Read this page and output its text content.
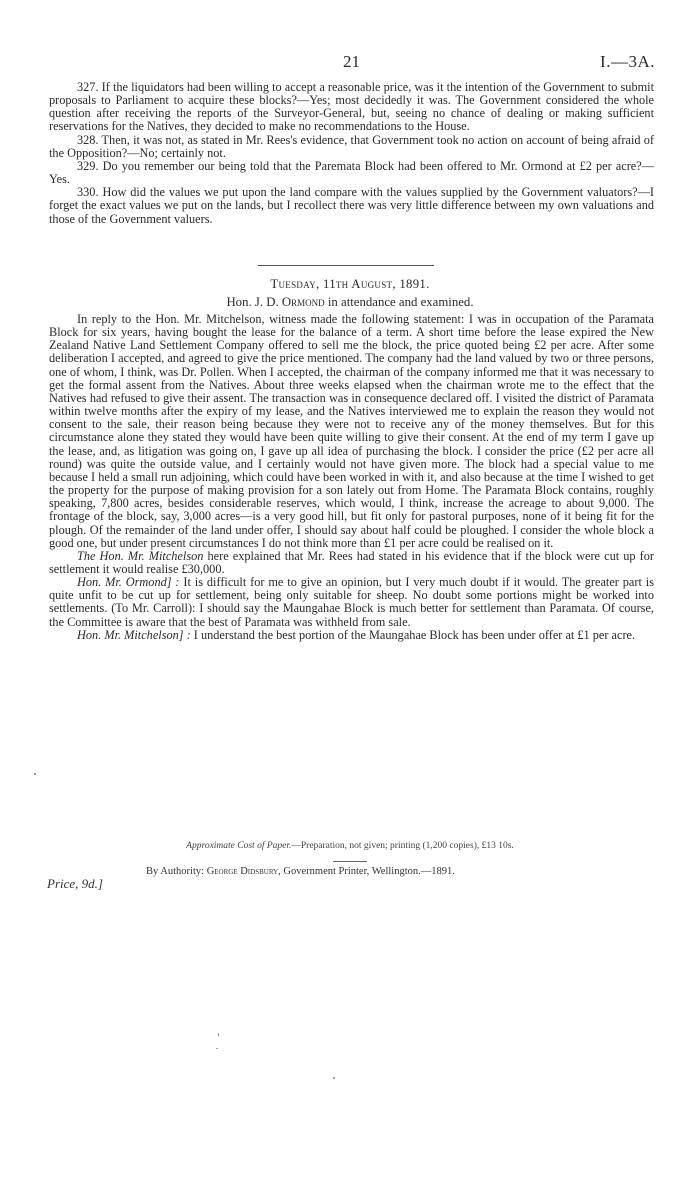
21	I.—3A.

327. If the liquidators had been willing to accept a reasonable price, was it the intention of the Government to submit proposals to Parliament to acquire these blocks?—Yes; most decidedly it was. The Government considered the whole question after receiving the reports of the Surveyor-General, but, seeing no chance of dealing or making sufficient reservations for the Natives, they decided to make no recommendations to the House.

328. Then, it was not, as stated in Mr. Rees's evidence, that Government took no action on account of being afraid of the Opposition?—No; certainly not.

329. Do you remember our being told that the Paremata Block had been offered to Mr. Ormond at £2 per acre?—Yes.

330. How did the values we put upon the land compare with the values supplied by the Government valuators?—I forget the exact values we put on the lands, but I recollect there was very little difference between my own valuations and those of the Government valuers.

Tuesday, 11th August, 1891.
Hon. J. D. Ormond in attendance and examined.

In reply to the Hon. Mr. Mitchelson, witness made the following statement: I was in occupation of the Paramata Block for six years, having bought the lease for the balance of a term. A short time before the lease expired the New Zealand Native Land Settlement Company offered to sell me the block, the price quoted being £2 per acre. After some deliberation I accepted, and agreed to give the price mentioned. The company had the land valued by two or three persons, one of whom, I think, was Dr. Pollen. When I accepted, the chairman of the company informed me that it was necessary to get the formal assent from the Natives. About three weeks elapsed when the chairman wrote me to the effect that the Natives had refused to give their assent. The transaction was in consequence declared off. I visited the district of Paramata within twelve months after the expiry of my lease, and the Natives interviewed me to explain the reason they would not consent to the sale, their reason being because they were not to receive any of the money themselves. But for this circumstance alone they stated they would have been quite willing to give their consent. At the end of my term I gave up the lease, and, as litigation was going on, I gave up all idea of purchasing the block. I consider the price (£2 per acre all round) was quite the outside value, and I certainly would not have given more. The block had a special value to me because I held a small run adjoining, which could have been worked in with it, and also because at the time I wished to get the property for the purpose of making provision for a son lately out from Home. The Paramata Block contains, roughly speaking, 7,800 acres, besides considerable reserves, which would, I think, increase the acreage to about 9,000. The frontage of the block, say, 3,000 acres—is a very good hill, but fit only for pastoral purposes, none of it being fit for the plough. Of the remainder of the land under offer, I should say about half could be ploughed. I consider the whole block a good one, but under present circumstances I do not think more than £1 per acre could be realised on it.

The Hon. Mr. Mitchelson here explained that Mr. Rees had stated in his evidence that if the block were cut up for settlement it would realise £30,000.

Hon. Mr. Ormond] : It is difficult for me to give an opinion, but I very much doubt if it would. The greater part is quite unfit to be cut up for settlement, being only suitable for sheep. No doubt some portions might be worked into settlements. (To Mr. Carroll): I should say the Maungahae Block is much better for settlement than Paramata. Of course, the Committee is aware that the best of Paramata was withheld from sale.

Hon. Mr. Mitchelson] : I understand the best portion of the Maungahae Block has been under offer at £1 per acre.

Approximate Cost of Paper.—Preparation, not given; printing (1,200 copies), £13 10s.
By Authority: George Didsbury, Government Printer, Wellington.—1891.
Price, 9d.]
